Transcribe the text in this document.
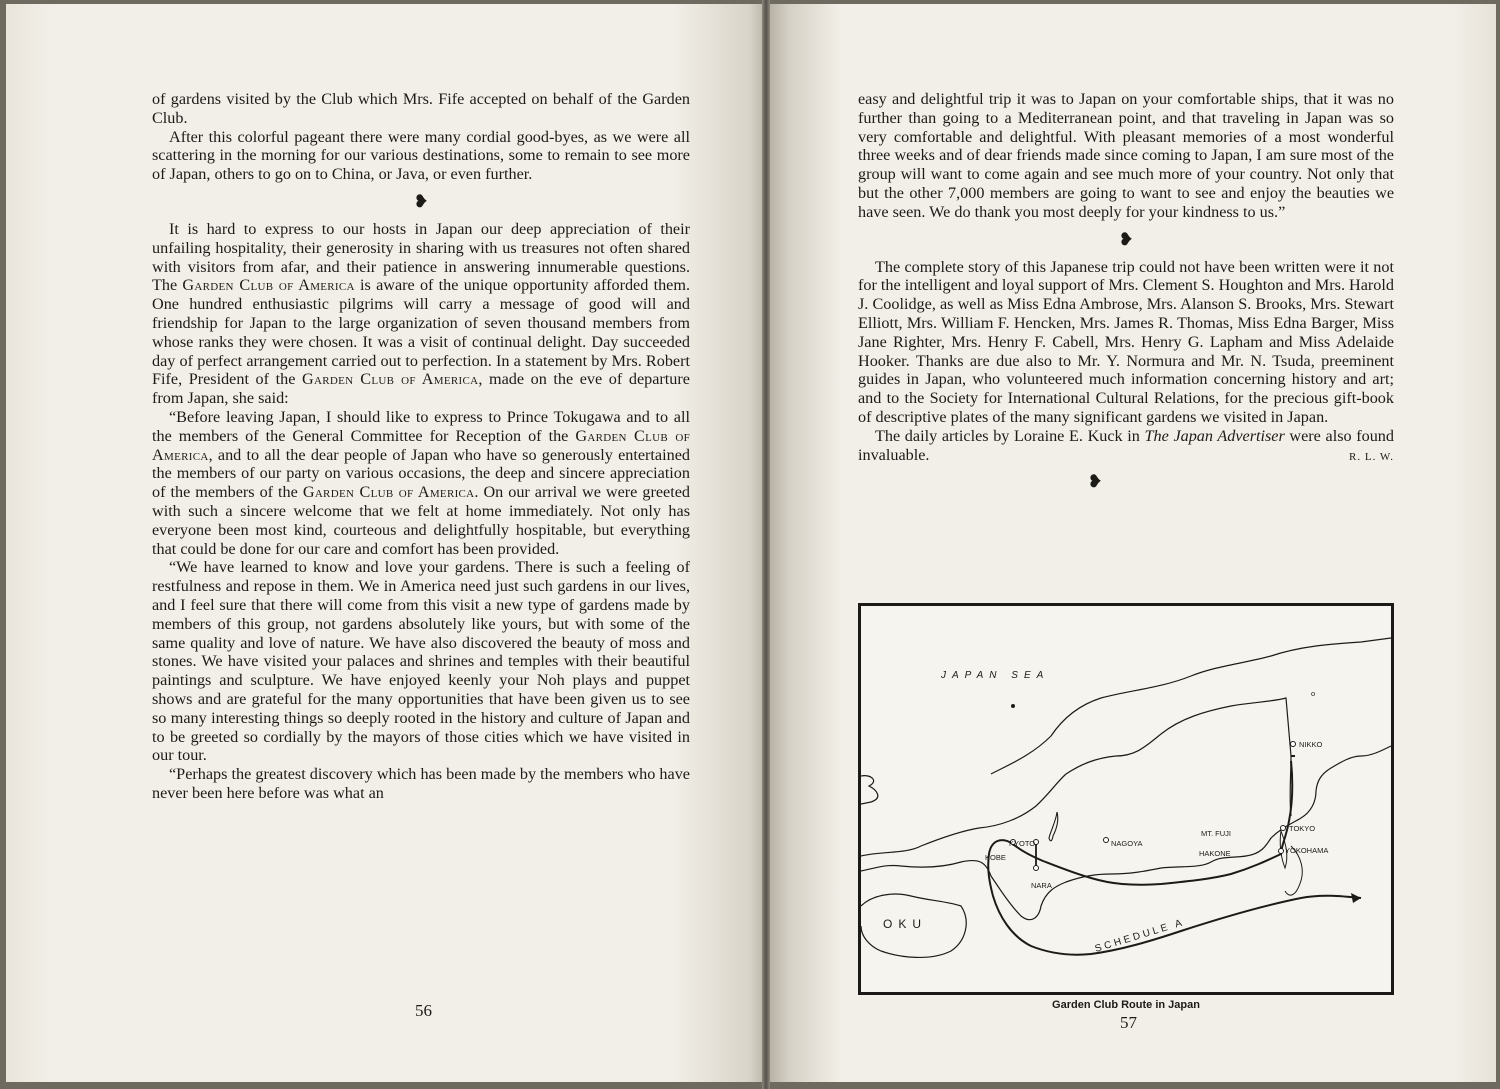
of gardens visited by the Club which Mrs. Fife accepted on behalf of the Garden Club.

After this colorful pageant there were many cordial good-byes, as we were all scattering in the morning for our various destinations, some to remain to see more of Japan, others to go on to China, or Java, or even further.

❥

It is hard to express to our hosts in Japan our deep appreciation of their unfailing hospitality, their generosity in sharing with us treasures not often shared with visitors from afar, and their patience in answering innumerable questions. The Garden Club of America is aware of the unique opportunity afforded them. One hundred enthusiastic pilgrims will carry a message of good will and friendship for Japan to the large organization of seven thousand members from whose ranks they were chosen. It was a visit of continual delight. Day succeeded day of perfect arrangement carried out to perfection. In a statement by Mrs. Robert Fife, President of the Garden Club of America, made on the eve of departure from Japan, she said:

“Before leaving Japan, I should like to express to Prince Tokugawa and to all the members of the General Committee for Reception of the Garden Club of America, and to all the dear people of Japan who have so generously entertained the members of our party on various occasions, the deep and sincere appreciation of the members of the Garden Club of America. On our arrival we were greeted with such a sincere welcome that we felt at home immediately. Not only has everyone been most kind, courteous and delightfully hospitable, but everything that could be done for our care and comfort has been provided.

“We have learned to know and love your gardens. There is such a feeling of restfulness and repose in them. We in America need just such gardens in our lives, and I feel sure that there will come from this visit a new type of gardens made by members of this group, not gardens absolutely like yours, but with some of the same quality and love of nature. We have also discovered the beauty of moss and stones. We have visited your palaces and shrines and temples with their beautiful paintings and sculpture. We have enjoyed keenly your Noh plays and puppet shows and are grateful for the many opportunities that have been given us to see so many interesting things so deeply rooted in the history and culture of Japan and to be greeted so cordially by the mayors of those cities which we have visited in our tour.

“Perhaps the greatest discovery which has been made by the members who have never been here before was what an

56

easy and delightful trip it was to Japan on your comfortable ships, that it was no further than going to a Mediterranean point, and that traveling in Japan was so very comfortable and delightful. With pleasant memories of a most wonderful three weeks and of dear friends made since coming to Japan, I am sure most of the group will want to come again and see much more of your country. Not only that but the other 7,000 members are going to want to see and enjoy the beauties we have seen. We do thank you most deeply for your kindness to us.”

❥

The complete story of this Japanese trip could not have been written were it not for the intelligent and loyal support of Mrs. Clement S. Houghton and Mrs. Harold J. Coolidge, as well as Miss Edna Ambrose, Mrs. Alanson S. Brooks, Mrs. Stewart Elliott, Mrs. William F. Hencken, Mrs. James R. Thomas, Miss Edna Barger, Miss Jane Righter, Mrs. Henry F. Cabell, Mrs. Henry G. Lapham and Miss Adelaide Hooker. Thanks are due also to Mr. Y. Normura and Mr. N. Tsuda, preeminent guides in Japan, who volunteered much information concerning history and art; and to the Society for International Cultural Relations, for the precious gift-book of descriptive plates of the many significant gardens we visited in Japan.

The daily articles by Loraine E. Kuck in The Japan Advertiser were also found invaluable.	R. L. W.

❥
JAPAN SEA
o
NIKKO
TOKYO
YOKOHAMA
MT. FUJI
HAKONE
NAGOYA
KYOTO
KOBE
NARA
OKU	SCHEDULE A
Garden Club Route in Japan
57
